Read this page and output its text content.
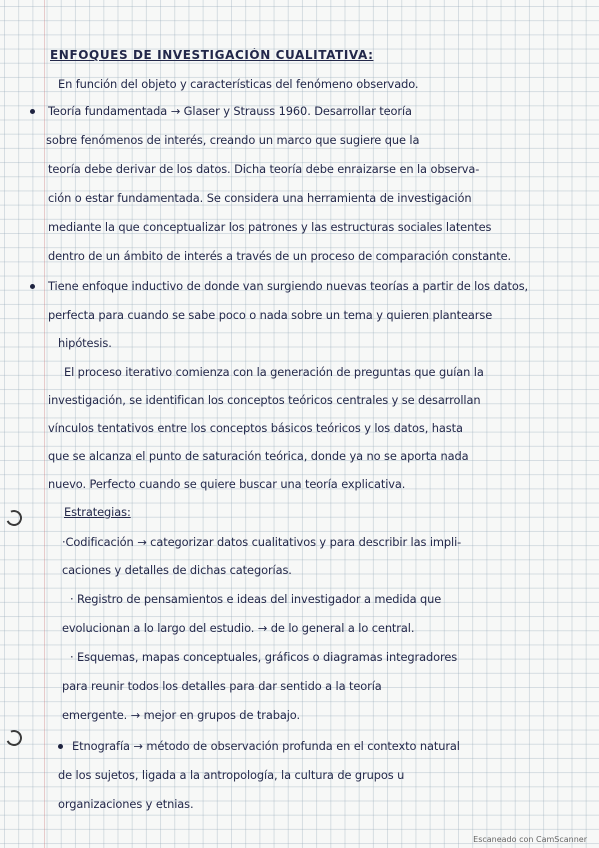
ENFOQUES DE INVESTIGACIÓN CUALITATIVA:
En función del objeto y características del fenómeno observado.
Teoría fundamentada → Glaser y Strauss 1960. Desarrollar teoría
sobre fenómenos de interés, creando un marco que sugiere que la
teoría debe derivar de los datos. Dicha teoría debe enraizarse en la observa-
ción o estar fundamentada. Se considera una herramienta de investigación
mediante la que conceptualizar los patrones y las estructuras sociales latentes
dentro de un ámbito de interés a través de un proceso de comparación constante.
Tiene enfoque inductivo de donde van surgiendo nuevas teorías a partir de los datos,
perfecta para cuando se sabe poco o nada sobre un tema y quieren plantearse
hipótesis.
El proceso iterativo comienza con la generación de preguntas que guían la
investigación, se identifican los conceptos teóricos centrales y se desarrollan
vínculos tentativos entre los conceptos básicos teóricos y los datos, hasta
que se alcanza el punto de saturación teórica, donde ya no se aporta nada
nuevo. Perfecto cuando se quiere buscar una teoría explicativa.
Estrategias:
·Codificación → categorizar datos cualitativos y para describir las impli-
caciones y detalles de dichas categorías.
· Registro de pensamientos e ideas del investigador a medida que
evolucionan a lo largo del estudio. → de lo general a lo central.
· Esquemas, mapas conceptuales, gráficos o diagramas integradores
para reunir todos los detalles para dar sentido a la teoría
emergente. → mejor en grupos de trabajo.
Etnografía → método de observación profunda en el contexto natural
de los sujetos, ligada a la antropología, la cultura de grupos u
organizaciones y etnias.
Escaneado con CamScanner
